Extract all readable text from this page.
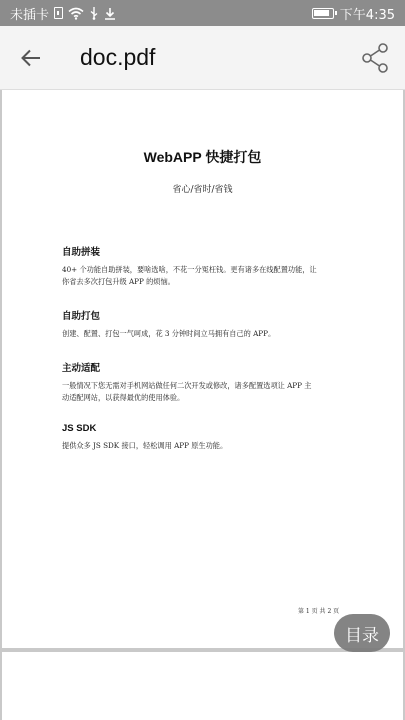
未插卡	下午4:35
doc.pdf
WebAPP 快捷打包
省心/省时/省钱
自助拼装
40+ 个功能自助拼装，要啥选啥，不花一分冤枉钱。更有诸多在线配置功能，让
你省去多次打包升级 APP 的烦恼。
自助打包
创建、配置、打包一气呵成，花 3 分钟时间立马拥有自己的 APP。
主动适配
一般情况下您无需对手机网站做任何二次开发或修改，诸多配置选项让 APP 主
动适配网站，以获得最优的使用体验。
JS SDK
提供众多 JS SDK 接口，轻松调用 APP 原生功能。
第 1 页 共 2 页
目录
